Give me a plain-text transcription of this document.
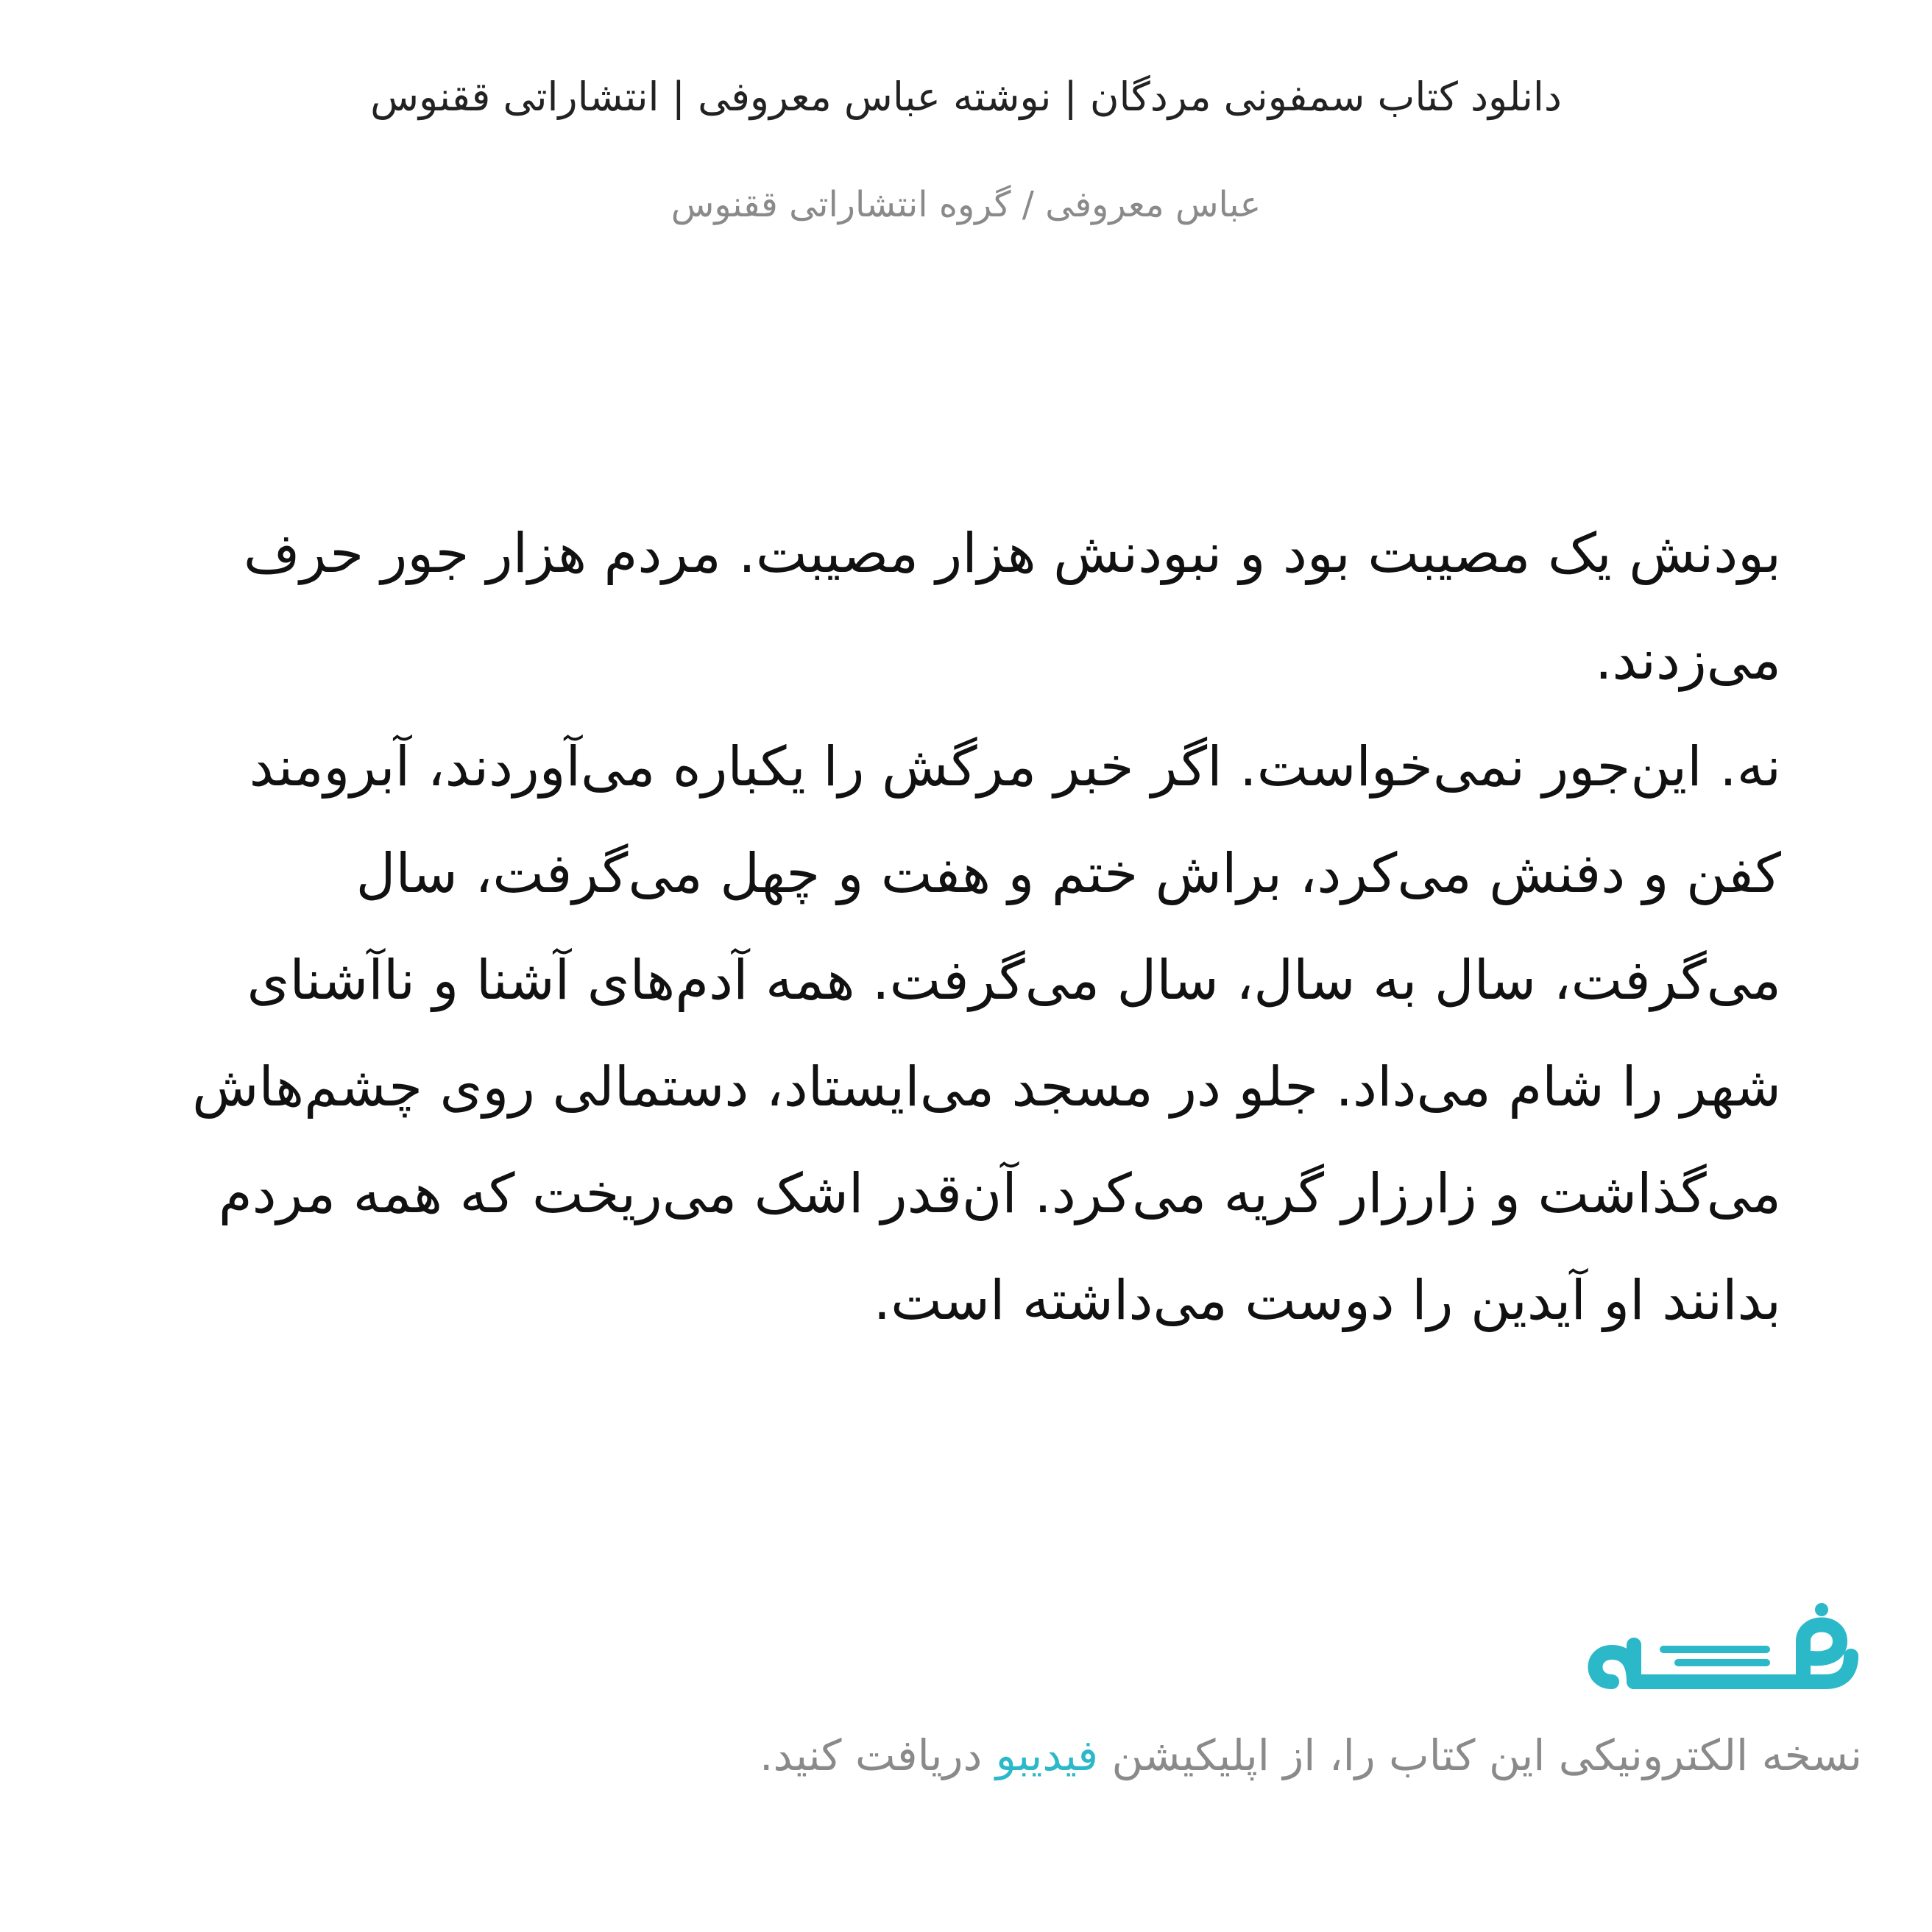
دانلود کتاب سمفونی مردگان | نوشته عباس معروفی | انتشاراتی ققنوس
عباس معروفی / گروه انتشاراتی ققنوس

بودنش یک مصیبت بود و نبودنش هزار مصیبت. مردم هزار جور حرف می‌زدند.

نه. این‌جور نمی‌خواست. اگر خبر مرگش را یکباره می‌آوردند، آبرومند کفن و دفنش می‌کرد، براش ختم و هفت و چهل می‌گرفت، سال می‌گرفت، سال به سال، سال می‌گرفت. همه آدم‌های آشنا و ناآشنای شهر را شام می‌داد. جلو در مسجد می‌ایستاد، دستمالی روی چشم‌هاش می‌گذاشت و زارزار گریه می‌کرد. آن‌قدر اشک می‌ریخت که همه مردم بدانند او آیدین را دوست می‌داشته است.

نسخه الکترونیکی این کتاب را، از اپلیکیشن فیدیبو دریافت کنید.
